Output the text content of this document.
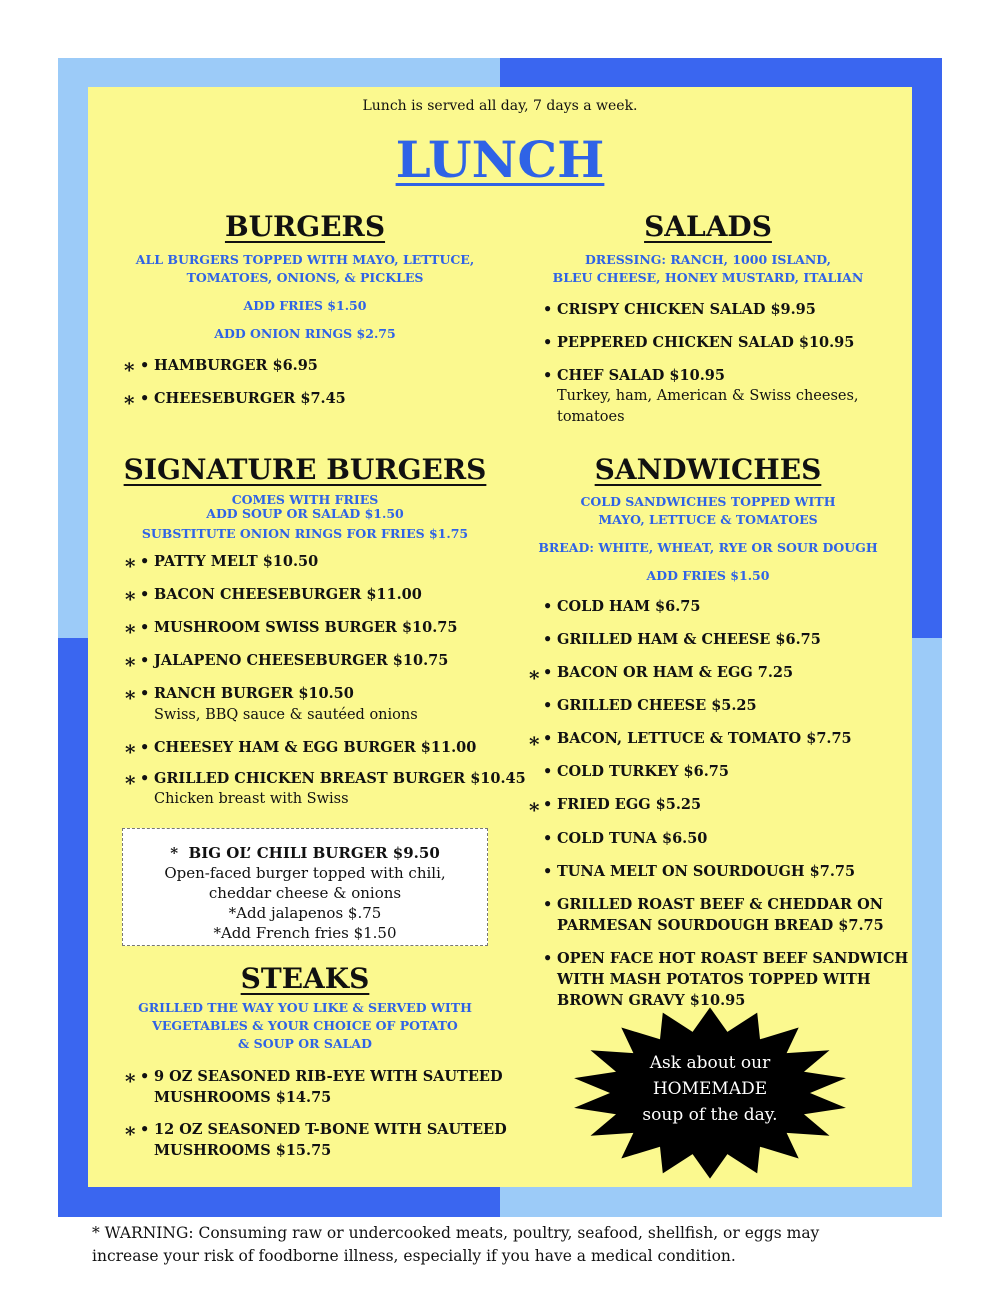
Lunch is served all day, 7 days a week.
LUNCH
BURGERS
ALL BURGERS TOPPED WITH MAYO, LETTUCE,
TOMATOES, ONIONS, & PICKLES
ADD FRIES $1.50
ADD ONION RINGS $2.75
* • HAMBURGER $6.95
* • CHEESEBURGER $7.45
SALADS
DRESSING: RANCH, 1000 ISLAND,
BLEU CHEESE, HONEY MUSTARD, ITALIAN
• CRISPY CHICKEN SALAD $9.95
• PEPPERED CHICKEN SALAD $10.95
• CHEF SALAD $10.95
Turkey, ham, American & Swiss cheeses,
tomatoes
SIGNATURE BURGERS
COMES WITH FRIES
ADD SOUP OR SALAD $1.50
SUBSTITUTE ONION RINGS FOR FRIES $1.75
* • PATTY MELT $10.50
* • BACON CHEESEBURGER $11.00
* • MUSHROOM SWISS BURGER $10.75
* • JALAPENO CHEESEBURGER $10.75
* • RANCH BURGER $10.50
Swiss, BBQ sauce & sautéed onions
* • CHEESEY HAM & EGG BURGER $11.00
* • GRILLED CHICKEN BREAST BURGER $10.45
Chicken breast with Swiss
* BIG OL’ CHILI BURGER $9.50
Open-faced burger topped with chili,
cheddar cheese & onions
*Add jalapenos $.75
*Add French fries $1.50
STEAKS
GRILLED THE WAY YOU LIKE & SERVED WITH
VEGETABLES & YOUR CHOICE OF POTATO
& SOUP OR SALAD
* • 9 OZ SEASONED RIB-EYE WITH SAUTEED
MUSHROOMS $14.75
* • 12 OZ SEASONED T-BONE WITH SAUTEED
MUSHROOMS $15.75
SANDWICHES
COLD SANDWICHES TOPPED WITH
MAYO, LETTUCE & TOMATOES
BREAD: WHITE, WHEAT, RYE OR SOUR DOUGH
ADD FRIES $1.50
• COLD HAM $6.75
• GRILLED HAM & CHEESE $6.75
* • BACON OR HAM & EGG 7.25
• GRILLED CHEESE $5.25
* • BACON, LETTUCE & TOMATO $7.75
• COLD TURKEY $6.75
* • FRIED EGG $5.25
• COLD TUNA $6.50
• TUNA MELT ON SOURDOUGH $7.75
• GRILLED ROAST BEEF & CHEDDAR ON
PARMESAN SOURDOUGH BREAD $7.75
• OPEN FACE HOT ROAST BEEF SANDWICH
WITH MASH POTATOS TOPPED WITH
BROWN GRAVY $10.95
Ask about our
HOMEMADE
soup of the day.
* WARNING: Consuming raw or undercooked meats, poultry, seafood, shellfish, or eggs may
increase your risk of foodborne illness, especially if you have a medical condition.
